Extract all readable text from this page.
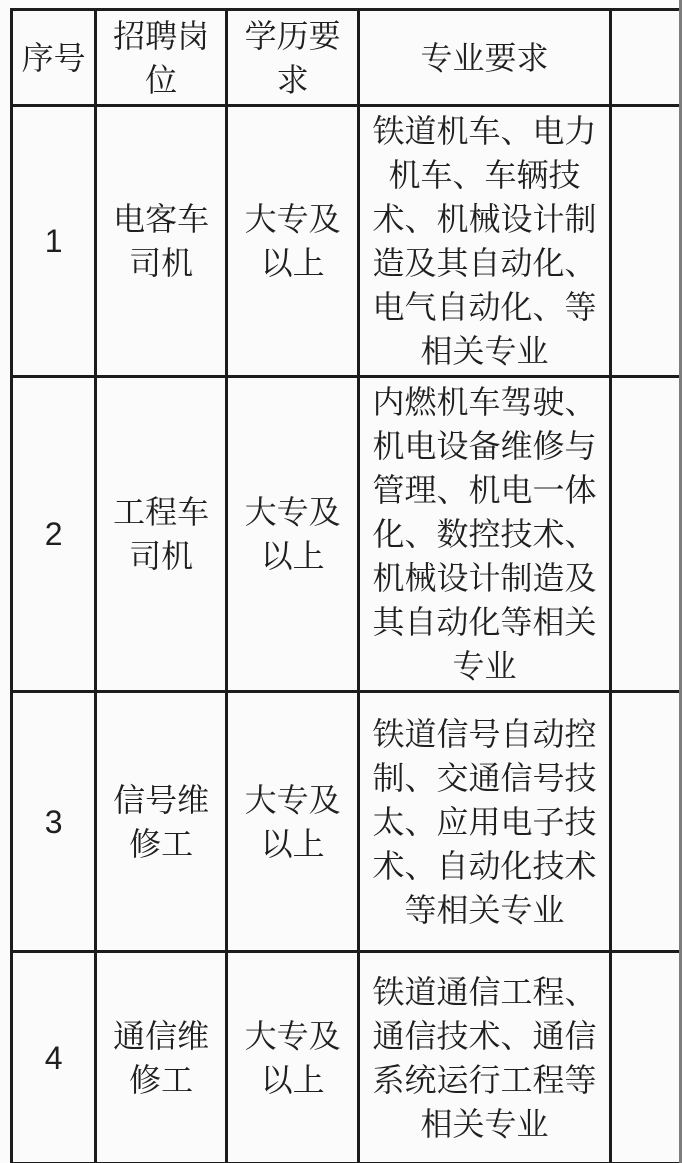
序号	招聘岗位	学历要求	专业要求	
1	电客车司机	大专及以上	铁道机车、电力机车、车辆技术、机械设计制造及其自动化、电气自动化、等相关专业	
2	工程车司机	大专及以上	内燃机车驾驶、机电设备维修与管理、机电一体化、数控技术、机械设计制造及其自动化等相关专业	
3	信号维修工	大专及以上	铁道信号自动控制、交通信号技太、应用电子技术、自动化技术等相关专业	
4	通信维修工	大专及以上	铁道通信工程、通信技术、通信系统运行工程等相关专业	
